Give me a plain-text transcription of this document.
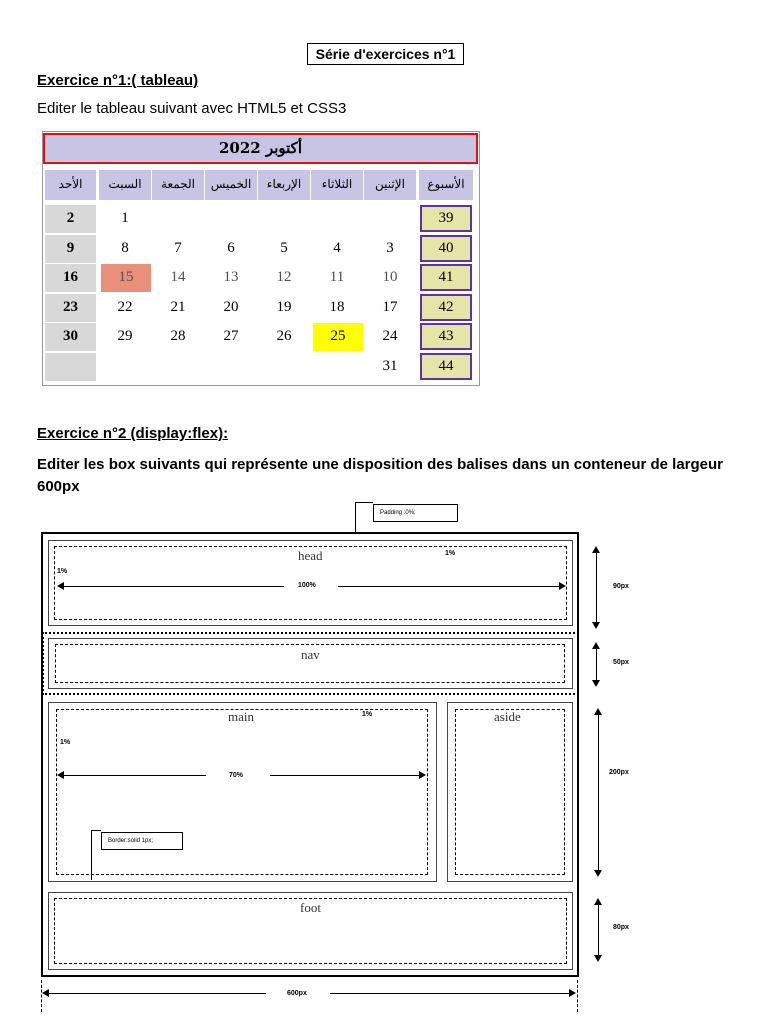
Série d'exercices n°1
Exercice n°1:( tableau)
Editer le tableau suivant avec HTML5 et CSS3
أكتوبر 2022
الأسبوع
الإثنين
الثلاثاء
الإربعاء
الخميس
الجمعة
السبت
الأحد
39
1
2
40
3
4
5
6
7
8
9
41
10
11
12
13
14
15
16
42
17
18
19
20
21
22
23
43
24
25
26
27
28
29
30
44
31
Exercice n°2 (display:flex):
Editer les box suivants qui représente une disposition des balises dans un conteneur de largeur 600px
Padding :0%;
head	1%
1%
100%
nav
main	1%
1%
70%
Border:solid 1px;
aside
foot
90px
50px
200px
80px
600px
